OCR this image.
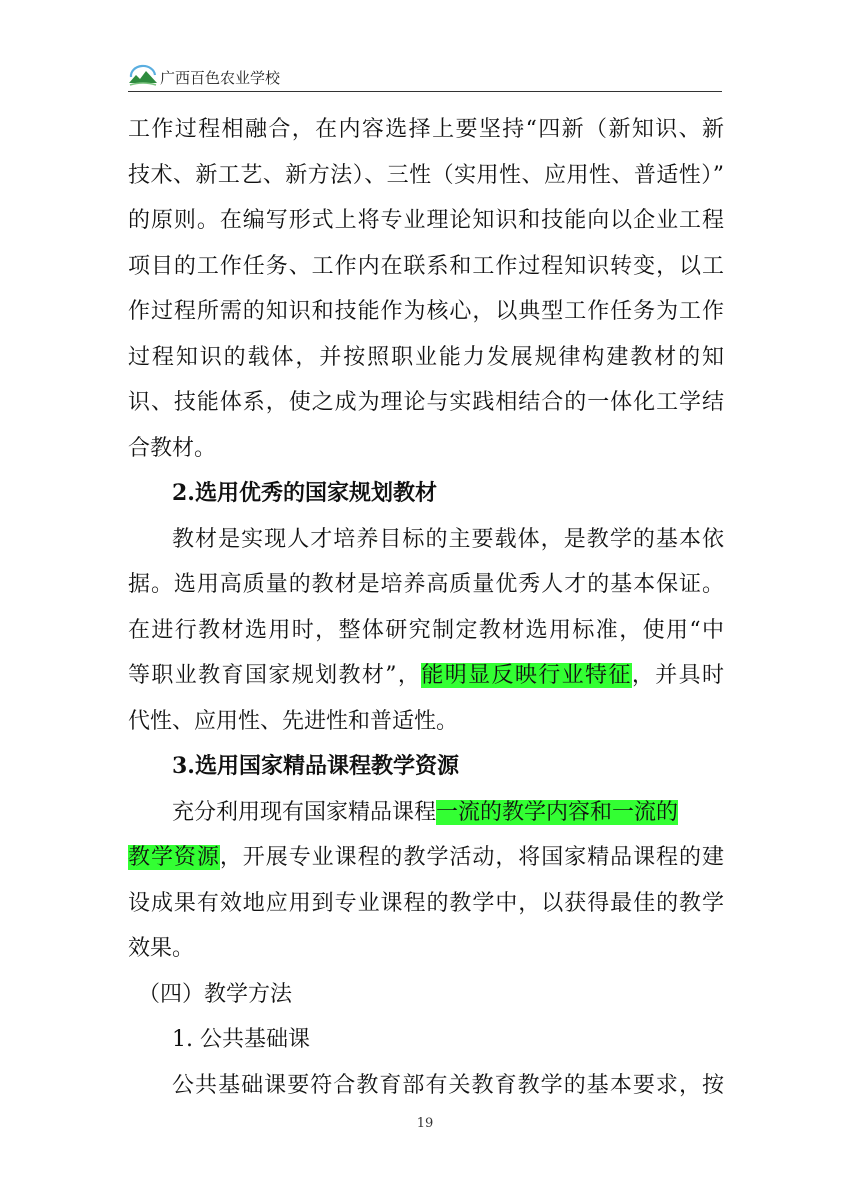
广西百色农业学校
工作过程相融合，在内容选择上要坚持“四新（新知识、新
技术、新工艺、新方法）、三性（实用性、应用性、普适性）”
的原则。在编写形式上将专业理论知识和技能向以企业工程
项目的工作任务、工作内在联系和工作过程知识转变，以工
作过程所需的知识和技能作为核心，以典型工作任务为工作
过程知识的载体，并按照职业能力发展规律构建教材的知
识、技能体系，使之成为理论与实践相结合的一体化工学结
合教材。
2.选用优秀的国家规划教材
教材是实现人才培养目标的主要载体，是教学的基本依
据。选用高质量的教材是培养高质量优秀人才的基本保证。
在进行教材选用时，整体研究制定教材选用标准，使用“中
等职业教育国家规划教材”，能明显反映行业特征，并具时
代性、应用性、先进性和普适性。
3.选用国家精品课程教学资源
充分利用现有国家精品课程一流的教学内容和一流的
教学资源，开展专业课程的教学活动，将国家精品课程的建
设成果有效地应用到专业课程的教学中，以获得最佳的教学
效果。
（四）教学方法
1. 公共基础课
公共基础课要符合教育部有关教育教学的基本要求，按
19
